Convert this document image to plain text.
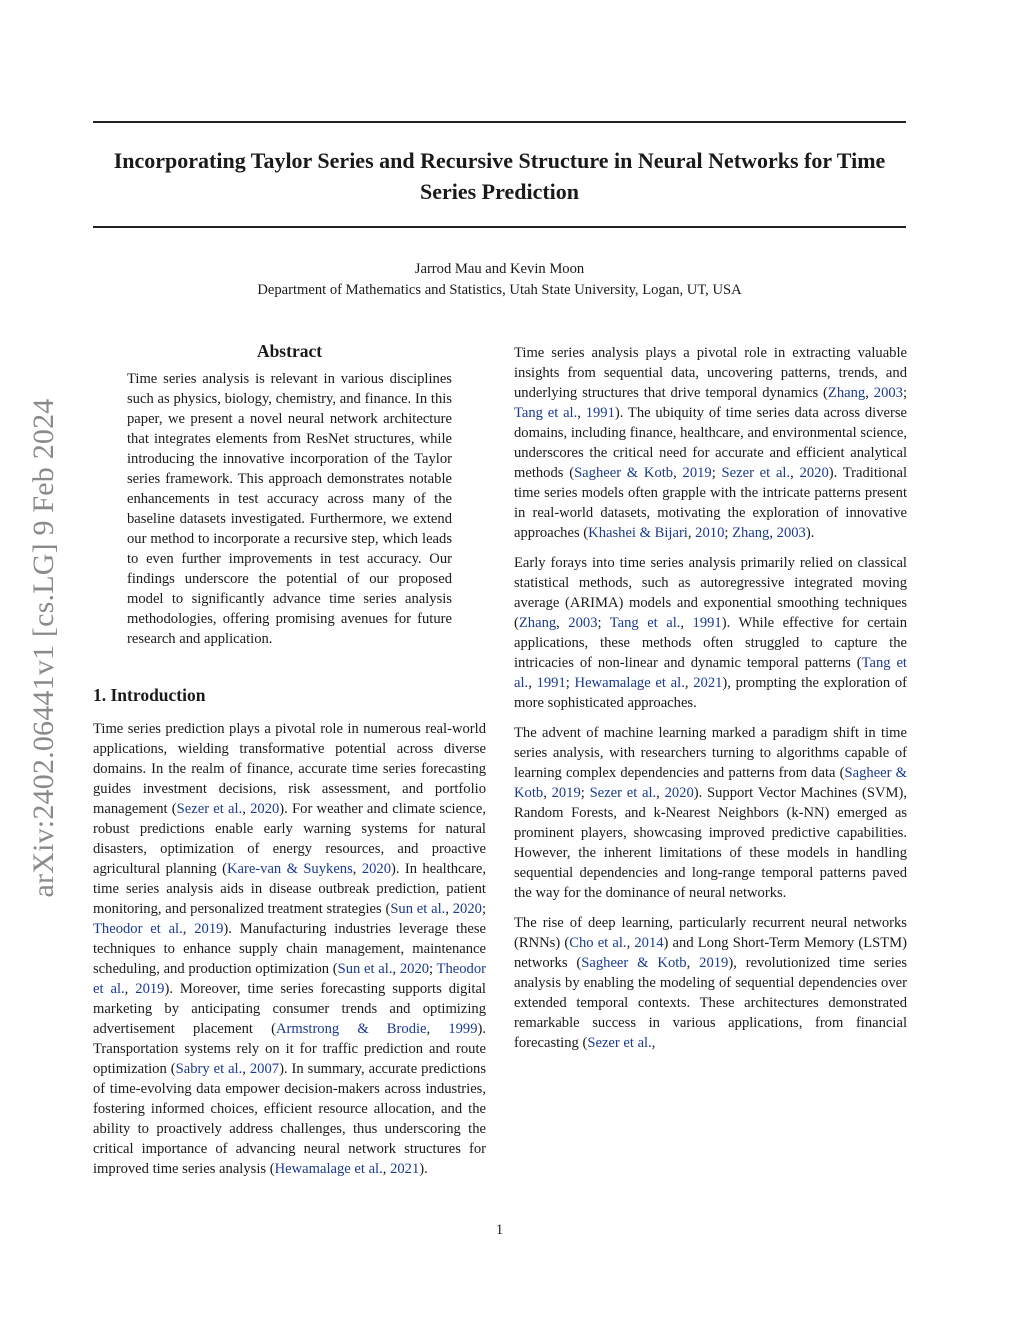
Incorporating Taylor Series and Recursive Structure in Neural Networks for Time Series Prediction
Jarrod Mau and Kevin Moon
Department of Mathematics and Statistics, Utah State University, Logan, UT, USA
arXiv:2402.06441v1 [cs.LG] 9 Feb 2024
Abstract

Time series analysis is relevant in various disciplines such as physics, biology, chemistry, and finance. In this paper, we present a novel neural network architecture that integrates elements from ResNet structures, while introducing the innovative incorporation of the Taylor series framework. This approach demonstrates notable enhancements in test accuracy across many of the baseline datasets investigated. Furthermore, we extend our method to incorporate a recursive step, which leads to even further improvements in test accuracy. Our findings underscore the potential of our proposed model to significantly advance time series analysis methodologies, offering promising avenues for future research and application.

1. Introduction

Time series prediction plays a pivotal role in numerous real-world applications, wielding transformative potential across diverse domains. In the realm of finance, accurate time series forecasting guides investment decisions, risk assessment, and portfolio management (Sezer et al., 2020). For weather and climate science, robust predictions enable early warning systems for natural disasters, optimization of energy resources, and proactive agricultural planning (Kare-van & Suykens, 2020). In healthcare, time series analysis aids in disease outbreak prediction, patient monitoring, and personalized treatment strategies (Sun et al., 2020; Theodor et al., 2019). Manufacturing industries leverage these techniques to enhance supply chain management, maintenance scheduling, and production optimization (Sun et al., 2020; Theodor et al., 2019). Moreover, time series forecasting supports digital marketing by anticipating consumer trends and optimizing advertisement placement (Armstrong & Brodie, 1999). Transportation systems rely on it for traffic prediction and route optimization (Sabry et al., 2007). In summary, accurate predictions of time-evolving data empower decision-makers across industries, fostering informed choices, efficient resource allocation, and the ability to proactively address challenges, thus underscoring the critical importance of advancing neural network structures for improved time series analysis (Hewamalage et al., 2021).

Time series analysis plays a pivotal role in extracting valuable insights from sequential data, uncovering patterns, trends, and underlying structures that drive temporal dynamics (Zhang, 2003; Tang et al., 1991). The ubiquity of time series data across diverse domains, including finance, healthcare, and environmental science, underscores the critical need for accurate and efficient analytical methods (Sagheer & Kotb, 2019; Sezer et al., 2020). Traditional time series models often grapple with the intricate patterns present in real-world datasets, motivating the exploration of innovative approaches (Khashei & Bijari, 2010; Zhang, 2003).

Early forays into time series analysis primarily relied on classical statistical methods, such as autoregressive integrated moving average (ARIMA) models and exponential smoothing techniques (Zhang, 2003; Tang et al., 1991). While effective for certain applications, these methods often struggled to capture the intricacies of non-linear and dynamic temporal patterns (Tang et al., 1991; Hewamalage et al., 2021), prompting the exploration of more sophisticated approaches.

The advent of machine learning marked a paradigm shift in time series analysis, with researchers turning to algorithms capable of learning complex dependencies and patterns from data (Sagheer & Kotb, 2019; Sezer et al., 2020). Support Vector Machines (SVM), Random Forests, and k-Nearest Neighbors (k-NN) emerged as prominent players, showcasing improved predictive capabilities. However, the inherent limitations of these models in handling sequential dependencies and long-range temporal patterns paved the way for the dominance of neural networks.

The rise of deep learning, particularly recurrent neural networks (RNNs) (Cho et al., 2014) and Long Short-Term Memory (LSTM) networks (Sagheer & Kotb, 2019), revolutionized time series analysis by enabling the modeling of sequential dependencies over extended temporal contexts. These architectures demonstrated remarkable success in various applications, from financial forecasting (Sezer et al.,

1
